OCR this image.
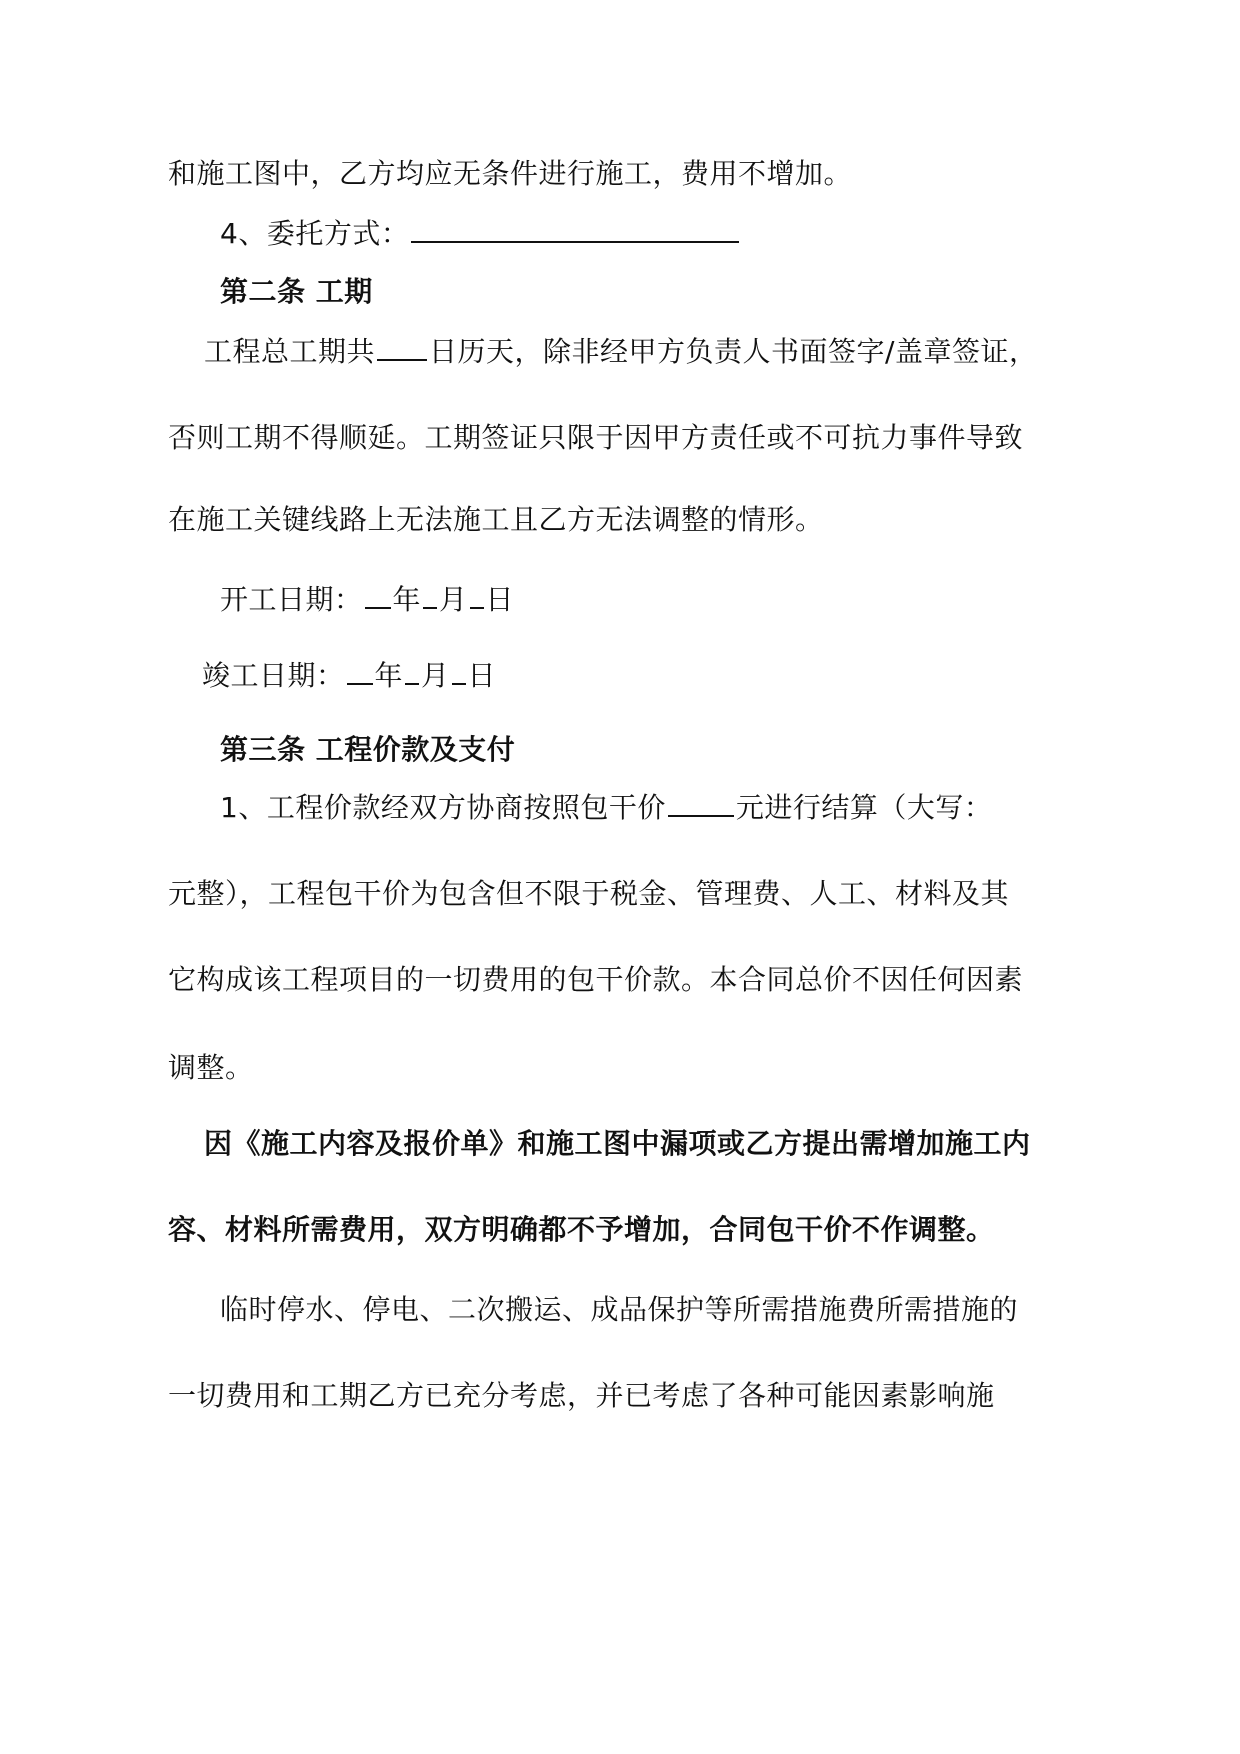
和施工图中，乙方均应无条件进行施工，费用不增加。
4、委托方式：
第二条 工期
工程总工期共 日历天，除非经甲方负责人书面签字/盖章签证，
否则工期不得顺延。工期签证只限于因甲方责任或不可抗力事件导致
在施工关键线路上无法施工且乙方无法调整的情形。
开工日期： 年 月 日
竣工日期： 年 月 日
第三条 工程价款及支付
1、工程价款经双方协商按照包干价	元进行结算（大写：
元整），工程包干价为包含但不限于税金、管理费、人工、材料及其
它构成该工程项目的一切费用的包干价款。本合同总价不因任何因素
调整。
因《施工内容及报价单》和施工图中漏项或乙方提出需增加施工内
容、材料所需费用，双方明确都不予增加，合同包干价不作调整。
临时停水、停电、二次搬运、成品保护等所需措施费所需措施的
一切费用和工期乙方已充分考虑，并已考虑了各种可能因素影响施
